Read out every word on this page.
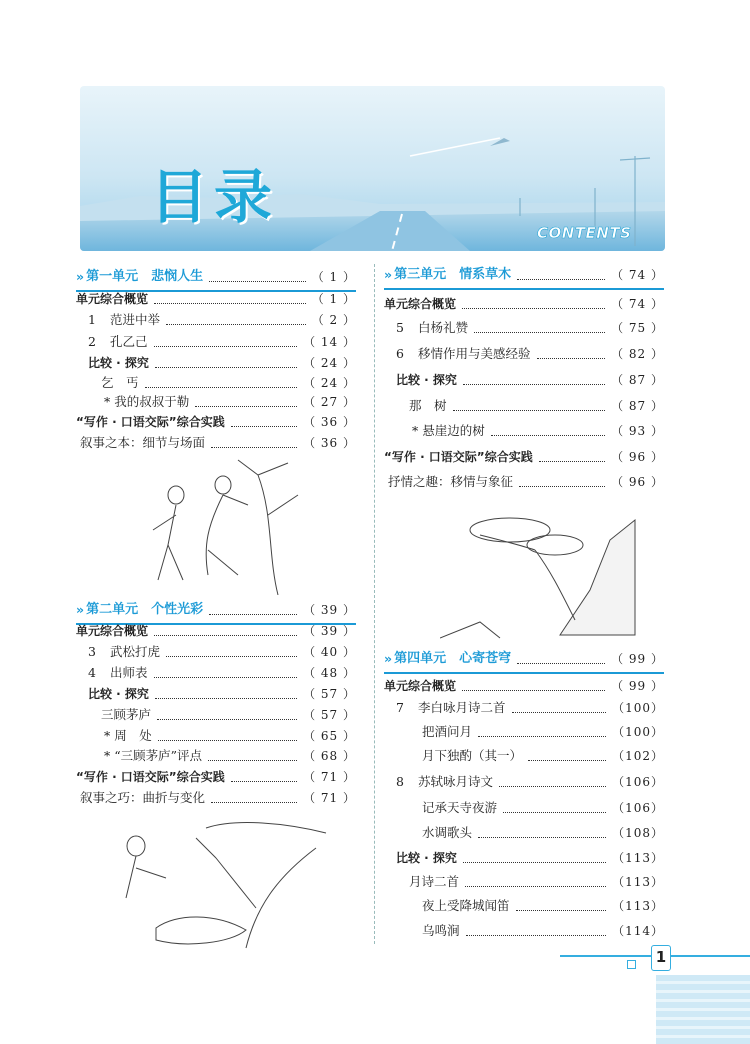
目录
CONTENTS
» 第一单元　悲悯人生	（ 1 ）
单元综合概览	（ 1 ）
1	范进中举	（ 2 ）
2	孔乙己	（ 14 ）
比较 · 探究	（ 24 ）
乞　丐	（ 24 ）
* 我的叔叔于勒	（ 27 ）
“写作 · 口语交际”综合实践	（ 36 ）
叙事之本：细节与场面	（ 36 ）
» 第二单元　个性光彩	（ 39 ）
单元综合概览	（ 39 ）
3	武松打虎	（ 40 ）
4	出师表	（ 48 ）
比较 · 探究	（ 57 ）
三顾茅庐	（ 57 ）
* 周　处	（ 65 ）
* “三顾茅庐”评点	（ 68 ）
“写作 · 口语交际”综合实践	（ 71 ）
叙事之巧：曲折与变化	（ 71 ）
» 第三单元　情系草木	（ 74 ）
单元综合概览	（ 74 ）
5	白杨礼赞	（ 75 ）
6	移情作用与美感经验	（ 82 ）
比较 · 探究	（ 87 ）
那　树	（ 87 ）
* 悬崖边的树	（ 93 ）
“写作 · 口语交际”综合实践	（ 96 ）
抒情之趣：移情与象征	（ 96 ）
» 第四单元　心寄苍穹	（ 99 ）
单元综合概览	（ 99 ）
7	李白咏月诗二首	（100）
把酒问月	（100）
月下独酌（其一）	（102）
8	苏轼咏月诗文	（106）
记承天寺夜游	（106）
水调歌头	（108）
比较 · 探究	（113）
月诗二首	（113）
夜上受降城闻笛	（113）
乌鸣涧	（114）
1
